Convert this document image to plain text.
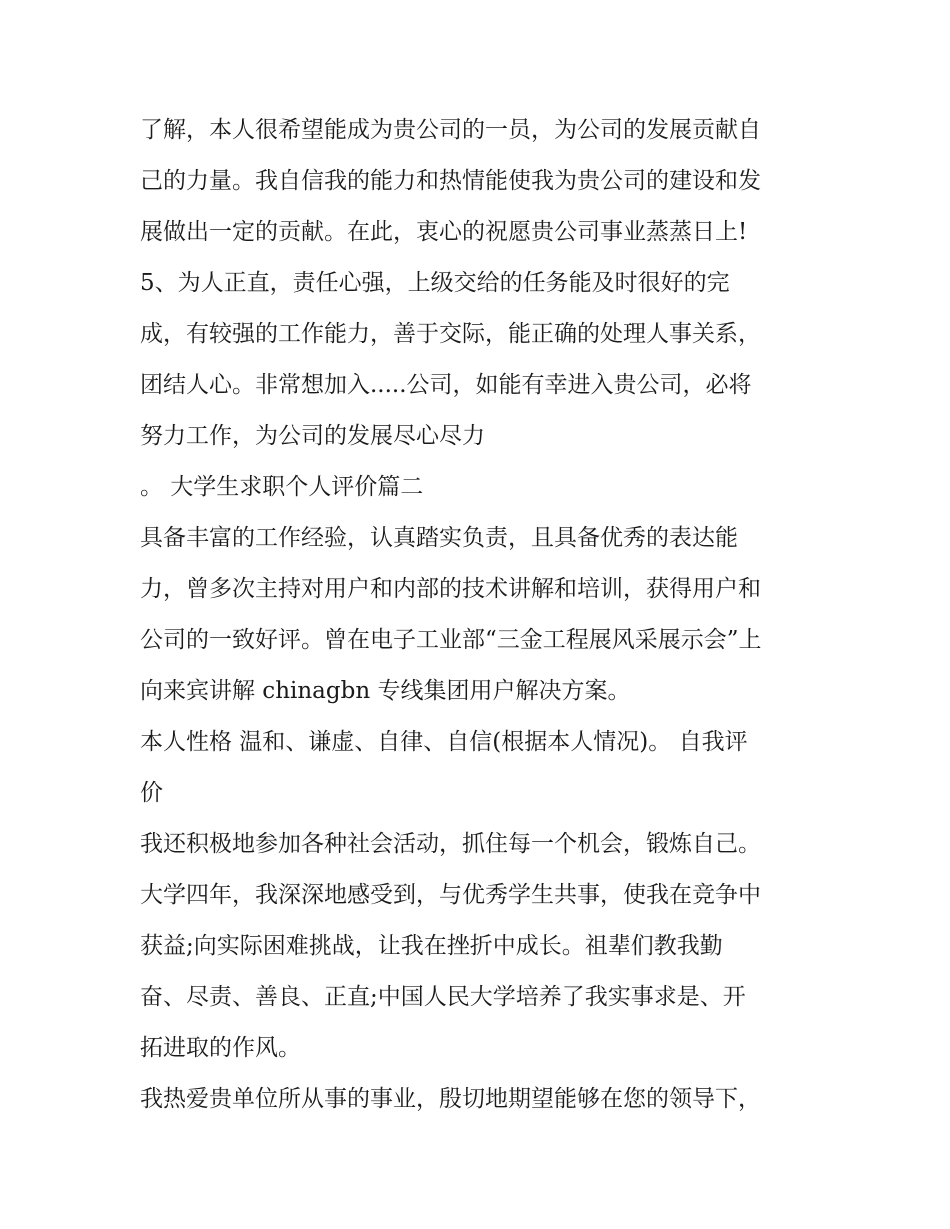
了解，本人很希望能成为贵公司的一员，为公司的发展贡献自
己的力量。我自信我的能力和热情能使我为贵公司的建设和发
展做出一定的贡献。在此，衷心的祝愿贵公司事业蒸蒸日上!
5、为人正直，责任心强，上级交给的任务能及时很好的完
成，有较强的工作能力，善于交际，能正确的处理人事关系，
团结人心。非常想加入.....公司，如能有幸进入贵公司，必将
努力工作，为公司的发展尽心尽力
。 大学生求职个人评价篇二
具备丰富的工作经验，认真踏实负责，且具备优秀的表达能
力，曾多次主持对用户和内部的技术讲解和培训，获得用户和
公司的一致好评。曾在电子工业部“三金工程展风采展示会”上
向来宾讲解 chinagbn 专线集团用户解决方案。
本人性格 温和、谦虚、自律、自信(根据本人情况)。 自我评
价
我还积极地参加各种社会活动，抓住每一个机会，锻炼自己。
大学四年，我深深地感受到，与优秀学生共事，使我在竞争中
获益;向实际困难挑战，让我在挫折中成长。祖辈们教我勤
奋、尽责、善良、正直;中国人民大学培养了我实事求是、开
拓进取的作风。
我热爱贵单位所从事的事业，殷切地期望能够在您的领导下，
